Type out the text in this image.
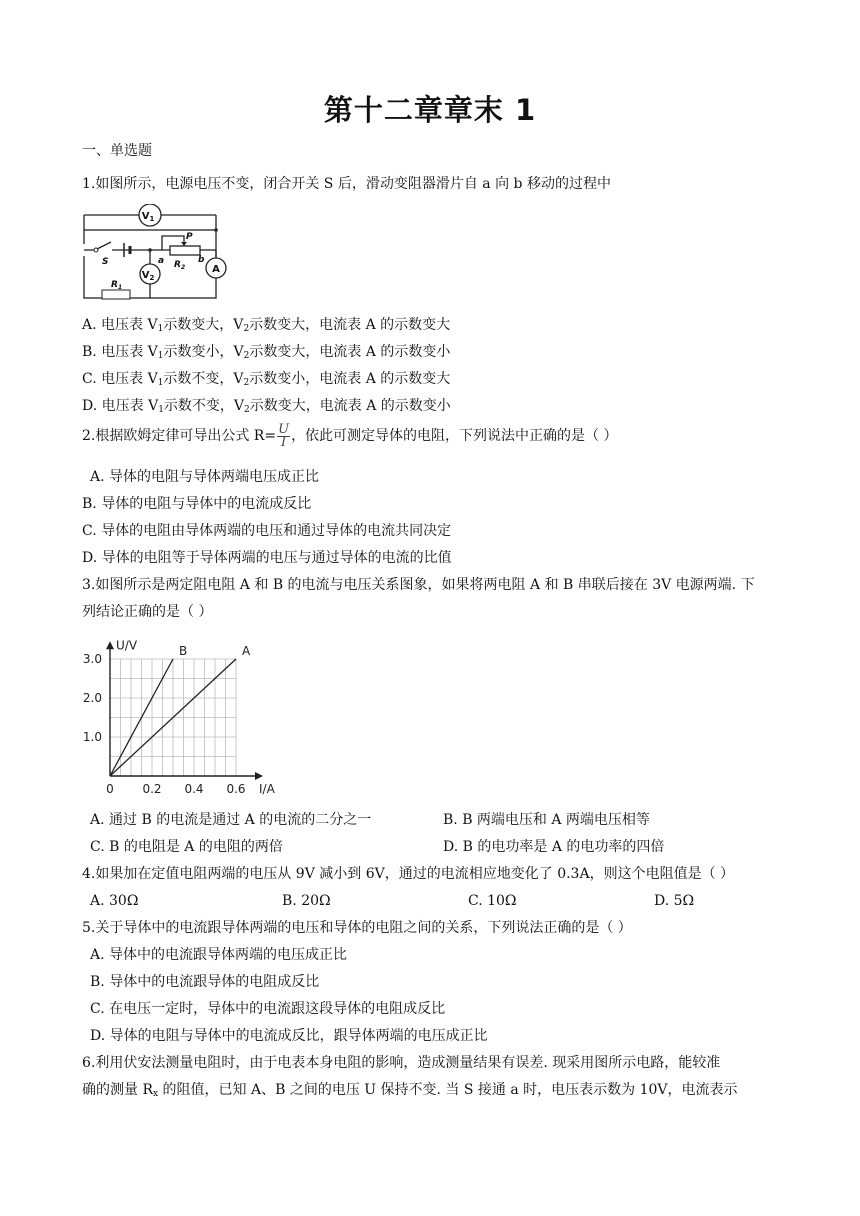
第十二章章末 1
一、单选题
1.如图所示，电源电压不变，闭合开关 S 后，滑动变阻器滑片自 a 向 b 移动的过程中
$V_1$
$V_2$
A
S
P
$R_2$
$R_1$
a	b
A. 电压表 $V_1$示数变大，$V_2$示数变大，电流表 A 的示数变大
B. 电压表 $V_1$示数变小，$V_2$示数变大，电流表 A 的示数变小
C. 电压表 $V_1$示数不变，$V_2$示数变小，电流表 A 的示数变大
D. 电压表 $V_1$示数不变，$V_2$示数变大，电流表 A 的示数变小
2.根据欧姆定律可导出公式 $R= \frac{U}{I}$ ，依此可测定导体的电阻，下列说法中正确的是（ ）
A. 导体的电阻与导体两端电压成正比
B. 导体的电阻与导体中的电流成反比
C. 导体的电阻由导体两端的电压和通过导体的电流共同决定
D. 导体的电阻等于导体两端的电压与通过导体的电流的比值
3.如图所示是两定阻电阻 A 和 B 的电流与电压关系图象，如果将两电阻 A 和 B 串联后接在 3V 电源两端. 下
列结论正确的是（ ）
0 0.2 0.4 0.6
1.0
2.0
3.0
I/A
U/V	B	A
A. 通过 B 的电流是通过 A 的电流的二分之一	B. B 两端电压和 A 两端电压相等
C. B 的电阻是 A 的电阻的两倍	D. B 的电功率是 A 的电功率的四倍
4.如果加在定值电阻两端的电压从 9V 减小到 6V，通过的电流相应地变化了 0.3A，则这个电阻值是（ ）
A. 30Ω	B. 20Ω	C. 10Ω	D. 5Ω
5.关于导体中的电流跟导体两端的电压和导体的电阻之间的关系，下列说法正确的是（ ）
A. 导体中的电流跟导体两端的电压成正比
B. 导体中的电流跟导体的电阻成反比
C. 在电压一定时，导体中的电流跟这段导体的电阻成反比
D. 导体的电阻与导体中的电流成反比，跟导体两端的电压成正比
6.利用伏安法测量电阻时，由于电表本身电阻的影响，造成测量结果有误差. 现采用图所示电路，能较准
确的测量 $R_x$ 的阻值，已知 A、B 之间的电压 U 保持不变. 当 S 接通 a 时，电压表示数为 10V，电流表示
